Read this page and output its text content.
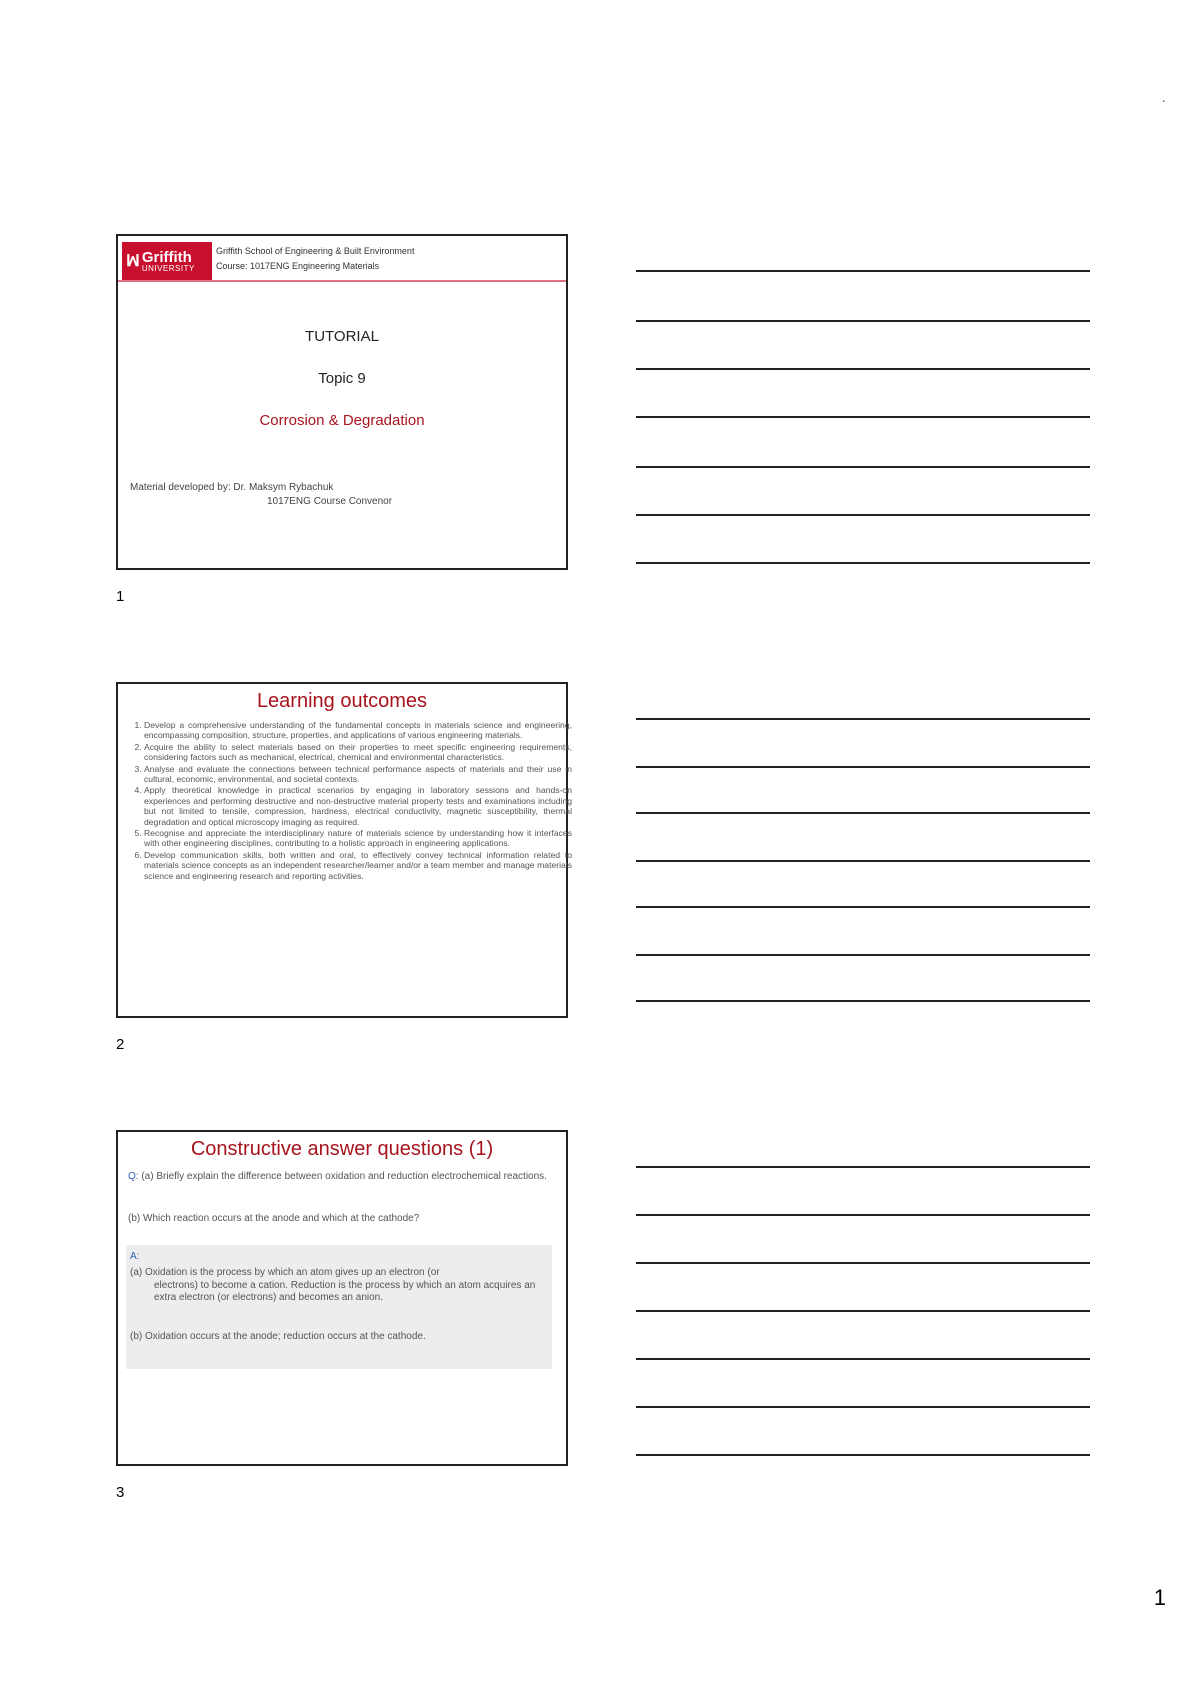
·
ꟽ Griffith
UNIVERSITY
Griffith School of Engineering & Built Environment
Course: 1017ENG Engineering Materials
TUTORIAL
Topic 9
Corrosion & Degradation
Material developed by: Dr. Maksym Rybachuk
1017ENG Course Convenor
1
Learning outcomes
1. Develop a comprehensive understanding of the fundamental concepts in materials science and engineering, encompassing composition, structure, properties, and applications of various engineering materials.
2. Acquire the ability to select materials based on their properties to meet specific engineering requirements, considering factors such as mechanical, electrical, chemical and environmental characteristics.
3. Analyse and evaluate the connections between technical performance aspects of materials and their use in cultural, economic, environmental, and societal contexts.
4. Apply theoretical knowledge in practical scenarios by engaging in laboratory sessions and hands-on experiences and performing destructive and non-destructive material property tests and examinations including but not limited to tensile, compression, hardness, electrical conductivity, magnetic susceptibility, thermal degradation and optical microscopy imaging as required.
5. Recognise and appreciate the interdisciplinary nature of materials science by understanding how it interfaces with other engineering disciplines, contributing to a holistic approach in engineering applications.
6. Develop communication skills, both written and oral, to effectively convey technical information related to materials science concepts as an independent researcher/learner and/or a team member and manage materials science and engineering research and reporting activities.
2
Constructive answer questions (1)
Q: (a) Briefly explain the difference between oxidation and reduction electrochemical reactions.
(b) Which reaction occurs at the anode and which at the cathode?
A:
(a) Oxidation is the process by which an atom gives up an electron (or
electrons) to become a cation. Reduction is the process by which an atom acquires an extra electron (or electrons) and becomes an anion.
(b) Oxidation occurs at the anode; reduction occurs at the cathode.
3
1
